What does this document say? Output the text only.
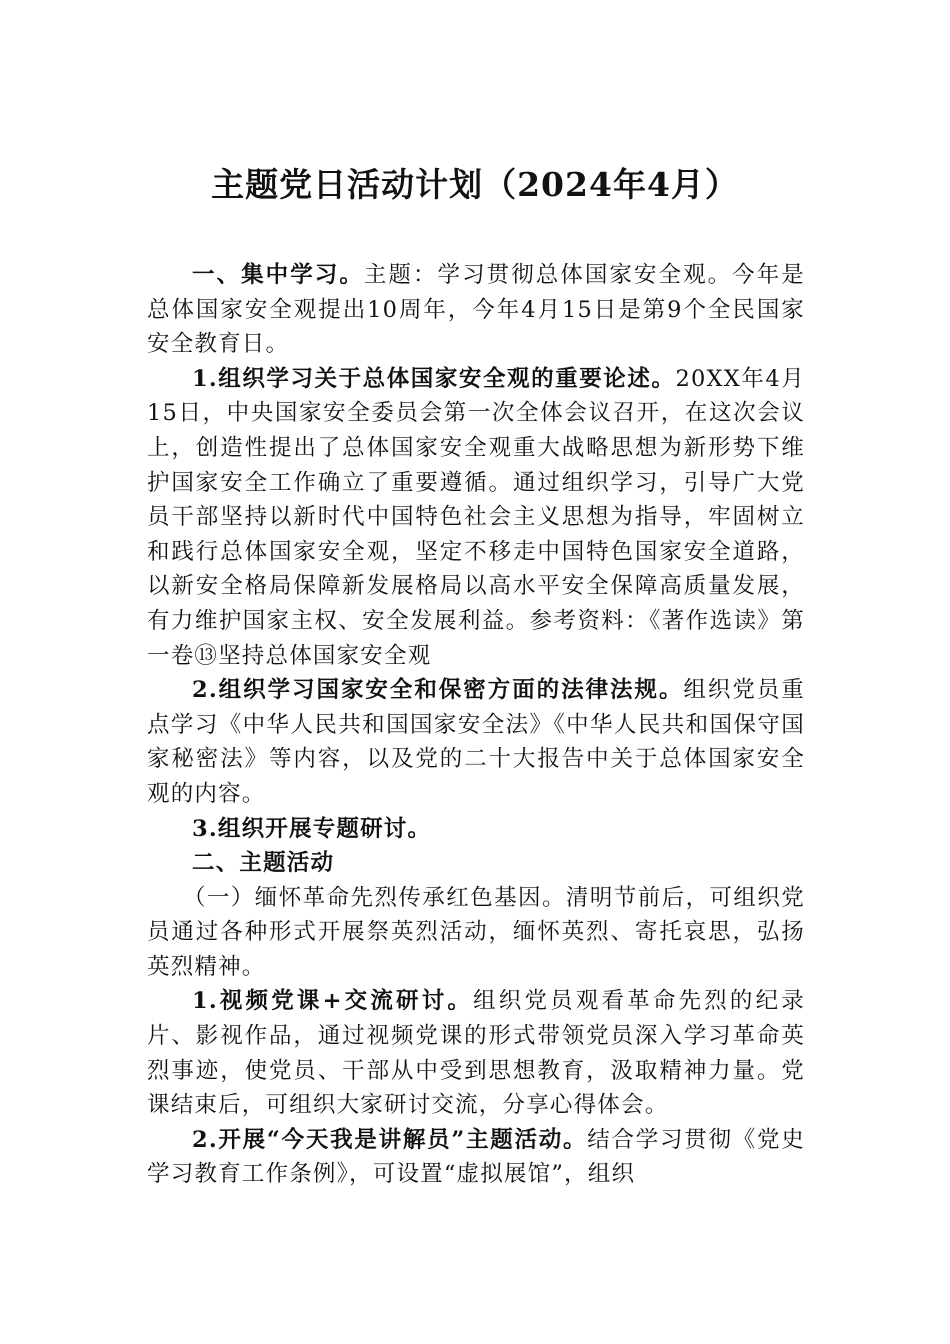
主题党日活动计划（2024年4月）

一、集中学习。主题：学习贯彻总体国家安全观。今年是总体国家安全观提出10周年，今年4月15日是第9个全民国家安全教育日。

1.组织学习关于总体国家安全观的重要论述。20XX年4月15日，中央国家安全委员会第一次全体会议召开，在这次会议上，创造性提出了总体国家安全观重大战略思想为新形势下维护国家安全工作确立了重要遵循。通过组织学习，引导广大党员干部坚持以新时代中国特色社会主义思想为指导，牢固树立和践行总体国家安全观，坚定不移走中国特色国家安全道路，以新安全格局保障新发展格局以高水平安全保障高质量发展，有力维护国家主权、安全发展利益。参考资料：《著作选读》第一卷⑬坚持总体国家安全观

2.组织学习国家安全和保密方面的法律法规。组织党员重点学习《中华人民共和国国家安全法》《中华人民共和国保守国家秘密法》等内容，以及党的二十大报告中关于总体国家安全观的内容。

3.组织开展专题研讨。

二、主题活动

（一）缅怀革命先烈传承红色基因。清明节前后，可组织党员通过各种形式开展祭英烈活动，缅怀英烈、寄托哀思，弘扬英烈精神。

1.视频党课+交流研讨。组织党员观看革命先烈的纪录片、影视作品，通过视频党课的形式带领党员深入学习革命英烈事迹，使党员、干部从中受到思想教育，汲取精神力量。党课结束后，可组织大家研讨交流，分享心得体会。

2.开展“今天我是讲解员”主题活动。结合学习贯彻《党史学习教育工作条例》，可设置“虚拟展馆”，组织
